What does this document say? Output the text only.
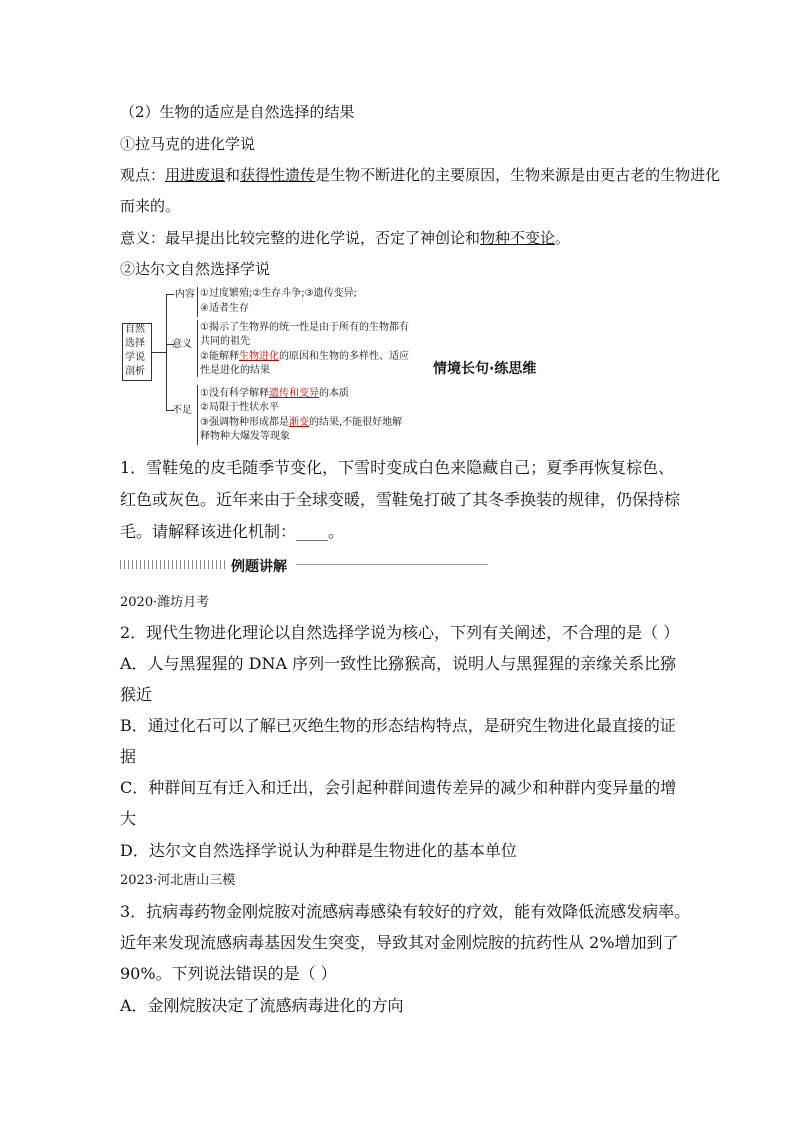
（2）生物的适应是自然选择的结果
①拉马克的进化学说
观点：用进废退和获得性遗传是生物不断进化的主要原因，生物来源是由更古老的生物进化
而来的。
意义：最早提出比较完整的进化学说，否定了神创论和物种不变论。
②达尔文自然选择学说
自然
选择
学说
剖析
内容
意义
不足
①过度繁殖;②生存斗争;③遗传变异;
④适者生存
①揭示了生物界的统一性是由于所有的生物都有
共同的祖先
②能解释生物进化的原因和生物的多样性、适应
性是进化的结果
①没有科学解释遗传和变异的本质
②局限于性状水平
③强调物种形成都是渐变的结果,不能很好地解
释物种大爆发等现象
情境长句·练思维
1．雪鞋兔的皮毛随季节变化，下雪时变成白色来隐藏自己；夏季再恢复棕色、
红色或灰色。近年来由于全球变暖，雪鞋兔打破了其冬季换装的规律，仍保持棕
毛。请解释该进化机制：____。
例题讲解
2020·潍坊月考
2．现代生物进化理论以自然选择学说为核心，下列有关阐述，不合理的是（ ）
A．人与黑猩猩的 DNA 序列一致性比猕猴高，说明人与黑猩猩的亲缘关系比猕
猴近
B．通过化石可以了解已灭绝生物的形态结构特点，是研究生物进化最直接的证
据
C．种群间互有迁入和迁出，会引起种群间遗传差异的减少和种群内变异量的增
大
D．达尔文自然选择学说认为种群是生物进化的基本单位
2023·河北唐山三模
3．抗病毒药物金刚烷胺对流感病毒感染有较好的疗效，能有效降低流感发病率。
近年来发现流感病毒基因发生突变，导致其对金刚烷胺的抗药性从 2%增加到了
90%。下列说法错误的是（ ）
A．金刚烷胺决定了流感病毒进化的方向
